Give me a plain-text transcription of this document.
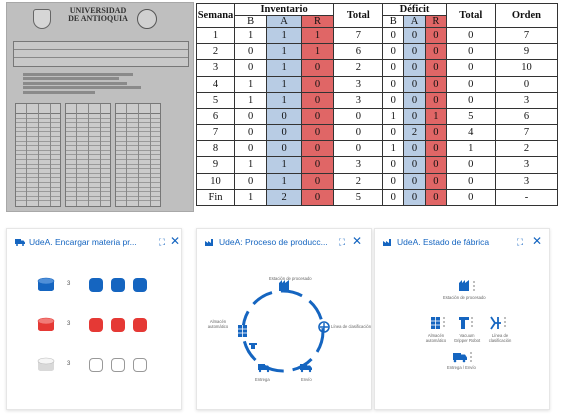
UNIVERSIDAD
DE ANTIOQUIA	Semana	Inventario			Total	Déficit			Total	Orden
	B	A	R		B	A	R		
1	1	1	1	7	0	0	0	0	7
2	0	1	1	6	0	0	0	0	9
3	0	1	0	2	0	0	0	0	10
4	1	1	0	3	0	0	0	0	0
5	1	1	0	3	0	0	0	0	3
6	0	0	0	0	1	0	1	5	6
7	0	0	0	0	0	2	0	4	7
8	0	0	0	0	1	0	0	1	2
9	1	1	0	3	0	0	0	0	3
10	0	1	0	2	0	0	0	0	3
Fin	1	2	0	5	0	0	0	0	-
UdeA. Encargar materia pr... ⛶ ✕
3
3
3
UdeA: Proceso de producc... ⛶ ✕
Estación de procesado
Almacén automático	Línea de clasificación
Entrega	Envío
UdeA. Estado de fábrica	⛶ ✕
Estación de procesado
Almacén automático
Vacuum Gripper Robot
Línea de clasificación
Entrega / Envío
